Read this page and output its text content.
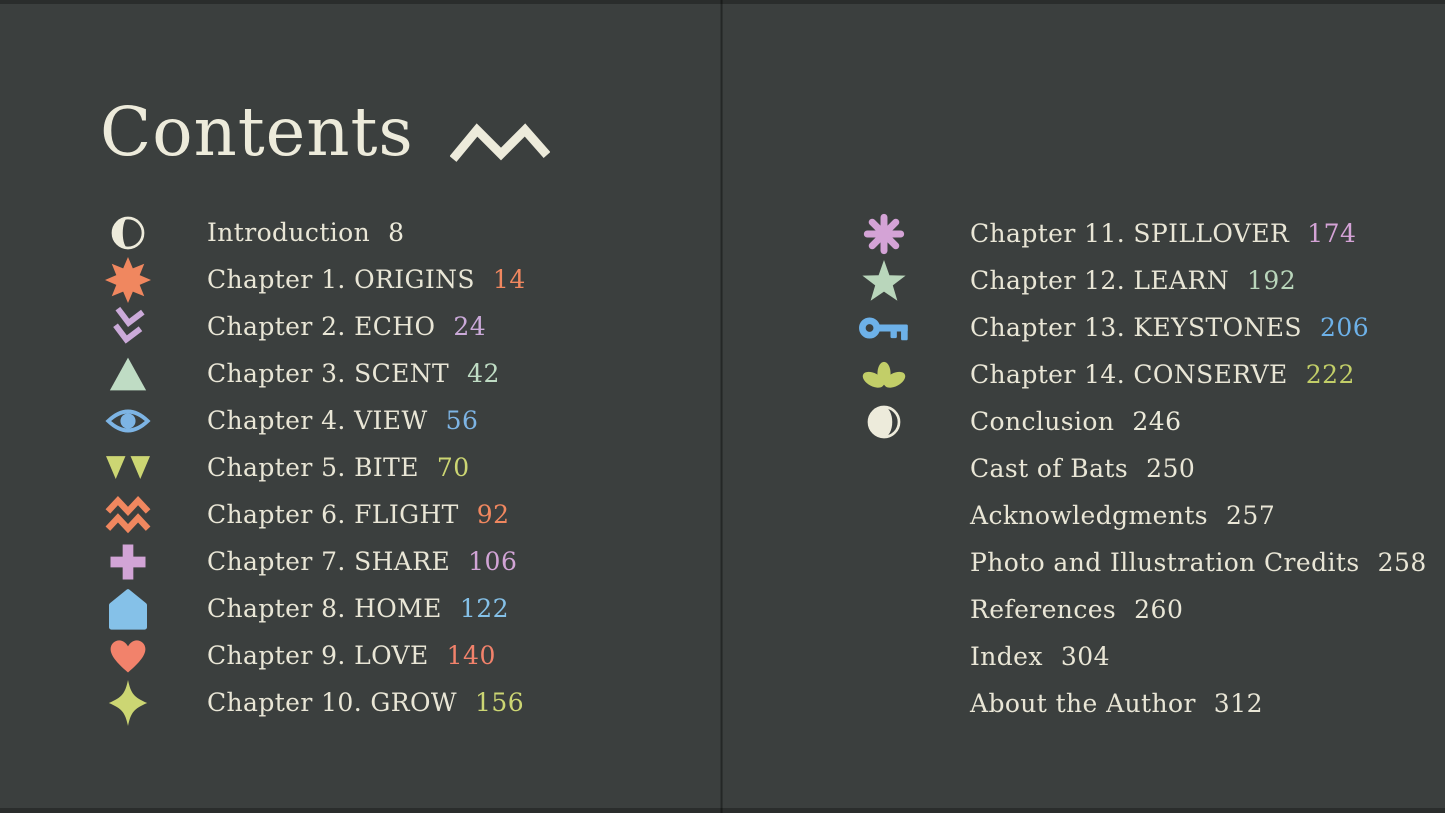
Contents
Introduction 8
Chapter 1. ORIGINS 14
Chapter 2. ECHO 24
Chapter 3. SCENT 42
Chapter 4. VIEW 56
Chapter 5. BITE 70
Chapter 6. FLIGHT 92
Chapter 7. SHARE 106
Chapter 8. HOME 122
Chapter 9. LOVE 140
Chapter 10. GROW 156
Chapter 11. SPILLOVER 174
Chapter 12. LEARN 192
Chapter 13. KEYSTONES 206
Chapter 14. CONSERVE 222
Conclusion 246
Cast of Bats 250
Acknowledgments 257
Photo and Illustration Credits 258
References 260
Index 304
About the Author 312
